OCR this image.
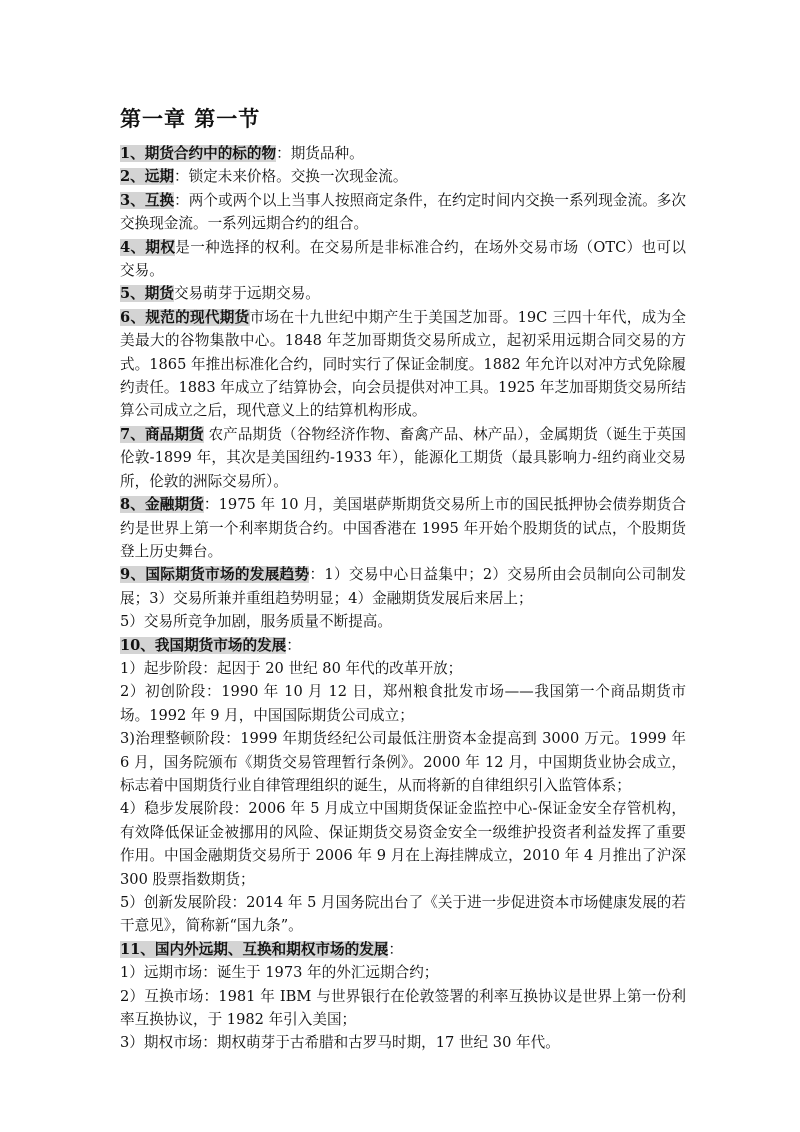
第一章 第一节

1、期货合约中的标的物：期货品种。

2、远期：锁定未来价格。交换一次现金流。

3、互换：两个或两个以上当事人按照商定条件，在约定时间内交换一系列现金流。多次交换现金流。一系列远期合约的组合。

4、期权是一种选择的权利。在交易所是非标准合约，在场外交易市场（OTC）也可以交易。

5、期货交易萌芽于远期交易。

6、规范的现代期货市场在十九世纪中期产生于美国芝加哥。19C 三四十年代，成为全美最大的谷物集散中心。1848 年芝加哥期货交易所成立，起初采用远期合同交易的方式。1865 年推出标准化合约，同时实行了保证金制度。1882 年允许以对冲方式免除履约责任。1883 年成立了结算协会，向会员提供对冲工具。1925 年芝加哥期货交易所结算公司成立之后，现代意义上的结算机构形成。

7、商品期货 农产品期货（谷物经济作物、畜禽产品、林产品），金属期货（诞生于英国伦敦-1899 年，其次是美国纽约-1933 年），能源化工期货（最具影响力-纽约商业交易所，伦敦的洲际交易所）。

8、金融期货：1975 年 10 月，美国堪萨斯期货交易所上市的国民抵押协会债券期货合约是世界上第一个利率期货合约。中国香港在 1995 年开始个股期货的试点，个股期货登上历史舞台。

9、国际期货市场的发展趋势：1）交易中心日益集中；2）交易所由会员制向公司制发展；3）交易所兼并重组趋势明显；4）金融期货发展后来居上；

5）交易所竞争加剧，服务质量不断提高。

10、我国期货市场的发展：

1）起步阶段：起因于 20 世纪 80 年代的改革开放；

2）初创阶段：1990 年 10 月 12 日，郑州粮食批发市场——我国第一个商品期货市场。1992 年 9 月，中国国际期货公司成立；

3)治理整顿阶段：1999 年期货经纪公司最低注册资本金提高到 3000 万元。1999 年 6 月，国务院颁布《期货交易管理暂行条例》。2000 年 12 月，中国期货业协会成立，标志着中国期货行业自律管理组织的诞生，从而将新的自律组织引入监管体系；

4）稳步发展阶段：2006 年 5 月成立中国期货保证金监控中心-保证金安全存管机构，有效降低保证金被挪用的风险、保证期货交易资金安全一级维护投资者利益发挥了重要作用。中国金融期货交易所于 2006 年 9 月在上海挂牌成立，2010 年 4 月推出了沪深 300 股票指数期货；

5）创新发展阶段：2014 年 5 月国务院出台了《关于进一步促进资本市场健康发展的若干意见》，简称新“国九条”。

11、国内外远期、互换和期权市场的发展：

1）远期市场：诞生于 1973 年的外汇远期合约；

2）互换市场：1981 年 IBM 与世界银行在伦敦签署的利率互换协议是世界上第一份利率互换协议，于 1982 年引入美国；

3）期权市场：期权萌芽于古希腊和古罗马时期，17 世纪 30 年代。
